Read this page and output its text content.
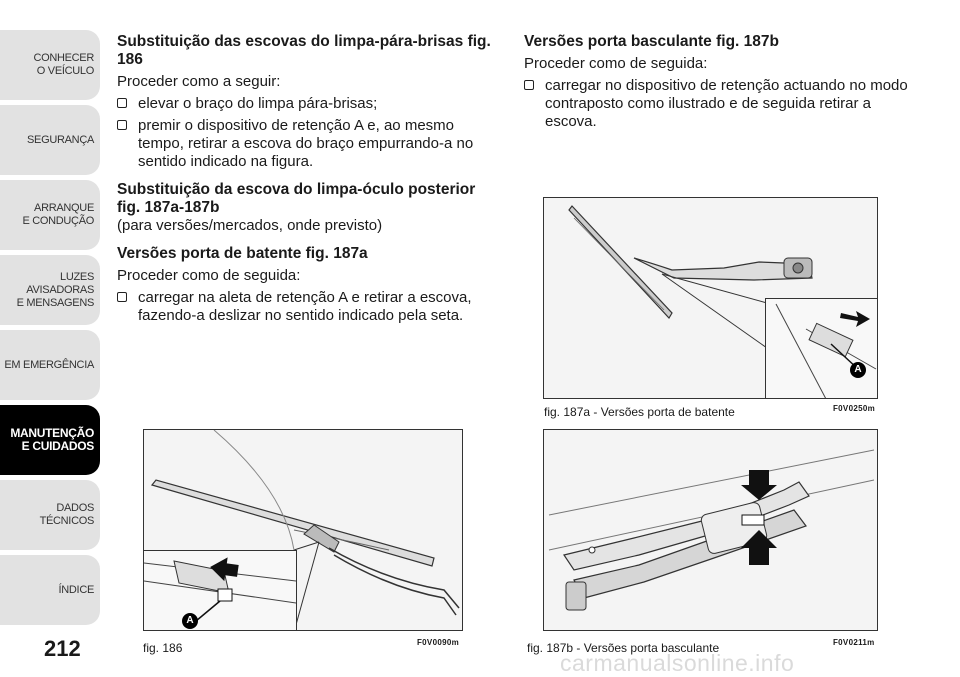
CONHECER
O VEÍCULO
SEGURANÇA
ARRANQUE
E CONDUÇÃO
LUZES AVISADORAS
E MENSAGENS
EM EMERGÊNCIA
MANUTENÇÃO
E CUIDADOS
DADOS TÉCNICOS
ÍNDICE
212
Substituição das escovas do limpa-pára-brisas fig. 186

Proceder como a seguir:

elevar o braço do limpa pára-brisas;
premir o dispositivo de retenção A e, ao mesmo tempo, retirar a escova do braço empurrando-a no sentido indicado na figura.
Substituição da escova do limpa-óculo posterior fig. 187a-187b

(para versões/mercados, onde previsto)

Versões porta de batente fig. 187a

Proceder como de seguida:

carregar na aleta de retenção A e retirar a escova, fazendo-a deslizar no sentido indicado pela seta.
Versões porta basculante fig. 187b

Proceder como de seguida:

carregar no dispositivo de retenção actuando no modo contraposto como ilustrado e de seguida retirar a escova.
A
fig. 187a - Versões porta de batente	F0V0250m
fig. 187b - Versões porta basculante	F0V0211m
A
fig. 186	F0V0090m
carmanualsonline.info
